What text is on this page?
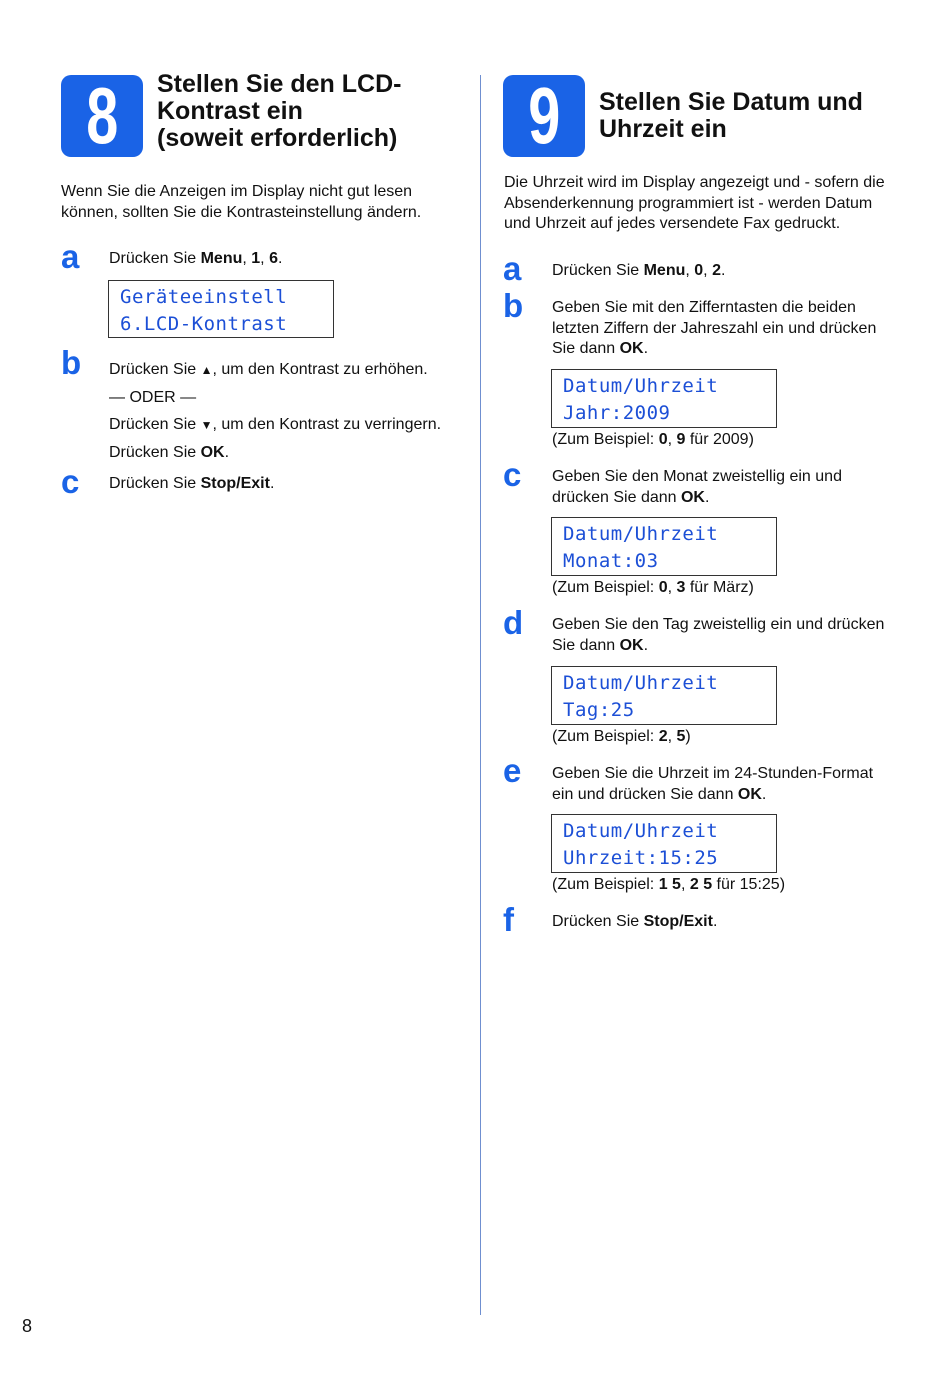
8	Stellen Sie den LCD-
Kontrast ein
(soweit erforderlich)
Wenn Sie die Anzeigen im Display nicht gut lesen
können, sollten Sie die Kontrasteinstellung ändern.
a Drücken Sie Menu, 1, 6.
Geräteeinstell
6.LCD-Kontrast
b Drücken Sie ▲, um den Kontrast zu erhöhen.
— ODER —
Drücken Sie ▼, um den Kontrast zu verringern.
Drücken Sie OK.
c Drücken Sie Stop/Exit.
9	Stellen Sie Datum und
Uhrzeit ein
Die Uhrzeit wird im Display angezeigt und - sofern die
Absenderkennung programmiert ist - werden Datum
und Uhrzeit auf jedes versendete Fax gedruckt.
a Drücken Sie Menu, 0, 2.
b Geben Sie mit den Zifferntasten die beiden
letzten Ziffern der Jahreszahl ein und drücken
Sie dann OK.
Datum/Uhrzeit
Jahr:2009
(Zum Beispiel: 0, 9 für 2009)
c Geben Sie den Monat zweistellig ein und
drücken Sie dann OK.
Datum/Uhrzeit
Monat:03
(Zum Beispiel: 0, 3 für März)
d Geben Sie den Tag zweistellig ein und drücken
Sie dann OK.
Datum/Uhrzeit
Tag:25
(Zum Beispiel: 2, 5)
e Geben Sie die Uhrzeit im 24-Stunden-Format
ein und drücken Sie dann OK.
Datum/Uhrzeit
Uhrzeit:15:25
(Zum Beispiel: 1 5, 2 5 für 15:25)
f Drücken Sie Stop/Exit.
8
